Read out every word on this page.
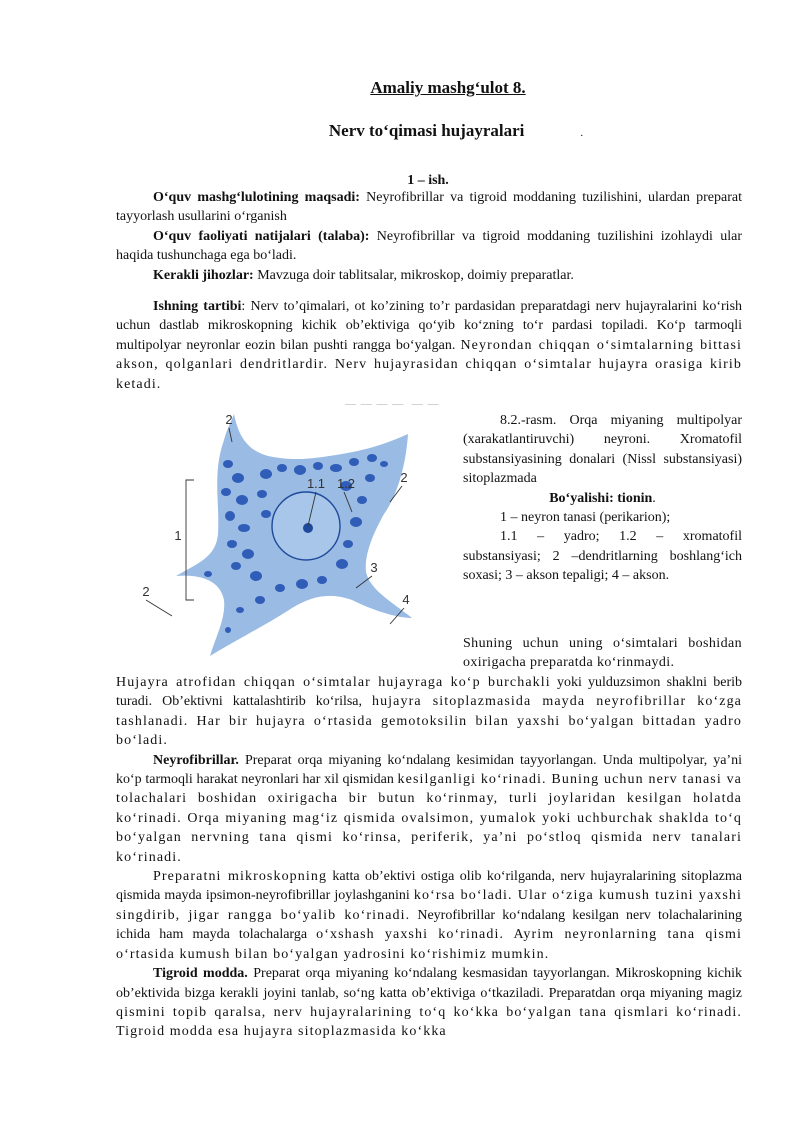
Amaliy mashg‘ulot 8.
Nerv to‘qimasi hujayralari	.
1 – ish.

O‘quv mashg‘lulotining maqsadi: Neyrofibrillar va tigroid moddaning tuzilishini, ulardan preparat tayyorlash usullarini o‘rganish

O‘quv faoliyati natijalari (talaba): Neyrofibrillar va tigroid moddaning tuzilishini izohlaydi ular haqida tushunchaga ega bo‘ladi.

Kerakli jihozlar: Mavzuga doir tablitsalar, mikroskop, doimiy preparatlar.

Ishning tartibi: Nerv to’qimalari, ot ko’zining to’r pardasidan preparatdagi nerv hujayralarini ko‘rish uchun dastlab mikroskopning kichik ob’ektiviga qo‘yib ko‘zning to‘r pardasi topiladi. Ko‘p tarmoqli multipolyar neyronlar eozin bilan pushti rangga bo‘yalgan. Neyrondan chiqqan o‘simtalarning bittasi akson, qolganlari dendritlardir. Nerv hujayrasidan chiqqan o‘simtalar hujayra orasiga kirib ketadi.

— — — —  — —
2
2
1.1 1.2
1
3
2
4

8.2.-rasm. Orqa miyaning multipolyar (xarakatlantiruvchi) neyroni. Xromatofil substansiyasining donalari (Nissl substansiyasi) sitoplazmada

Bo‘yalishi: tionin.

1 – neyron tanasi (perikarion);

1.1 – yadro; 1.2 – xromatofil substansiyasi; 2 –dendritlarning boshlang‘ich soxasi; 3 – akson tepaligi; 4 – akson.

Shuning uchun uning o‘simtalari boshidan oxirigacha preparatda ko‘rinmaydi.

Hujayra atrofidan chiqqan o‘simtalar hujayraga ko‘p burchakli yoki yulduzsimon shaklni berib turadi. Ob’ektivni kattalashtirib ko‘rilsa, hujayra sitoplazmasida mayda neyrofibrillar ko‘zga tashlanadi. Har bir hujayra o‘rtasida gemotoksilin bilan yaxshi bo‘yalgan bittadan yadro bo‘ladi.

Neyrofibrillar. Preparat orqa miyaning ko‘ndalang kesimidan tayyorlangan. Unda multipolyar, ya’ni ko‘p tarmoqli harakat neyronlari har xil qismidan kesilganligi ko‘rinadi. Buning uchun nerv tanasi va tolachalari boshidan oxirigacha bir butun ko‘rinmay, turli joylaridan kesilgan holatda ko‘rinadi. Orqa miyaning mag‘iz qismida ovalsimon, yumalok yoki uchburchak shaklda to‘q bo‘yalgan nervning tana qismi ko‘rinsa, periferik, ya’ni po‘stloq qismida nerv tanalari ko‘rinadi.

Preparatni mikroskopning katta ob’ektivi ostiga olib ko‘rilganda, nerv hujayralarining sitoplazma qismida mayda ipsimon-neyrofibrillar joylashganini ko‘rsa bo‘ladi. Ular o‘ziga kumush tuzini yaxshi singdirib, jigar rangga bo‘yalib ko‘rinadi. Neyrofibrillar ko‘ndalang kesilgan nerv tolachalarining ichida ham mayda tolachalarga o‘xshash yaxshi ko‘rinadi. Ayrim neyronlarning tana qismi o‘rtasida kumush bilan bo‘yalgan yadrosini ko‘rishimiz mumkin.

Tigroid modda. Preparat orqa miyaning ko‘ndalang kesmasidan tayyorlangan. Mikroskopning kichik ob’ektivida bizga kerakli joyini tanlab, so‘ng katta ob’ektiviga o‘tkaziladi. Preparatdan orqa miyaning magiz qismini topib qaralsa, nerv hujayralarining to‘q ko‘kka bo‘yalgan tana qismlari ko‘rinadi. Tigroid modda esa hujayra sitoplazmasida ko‘kka
